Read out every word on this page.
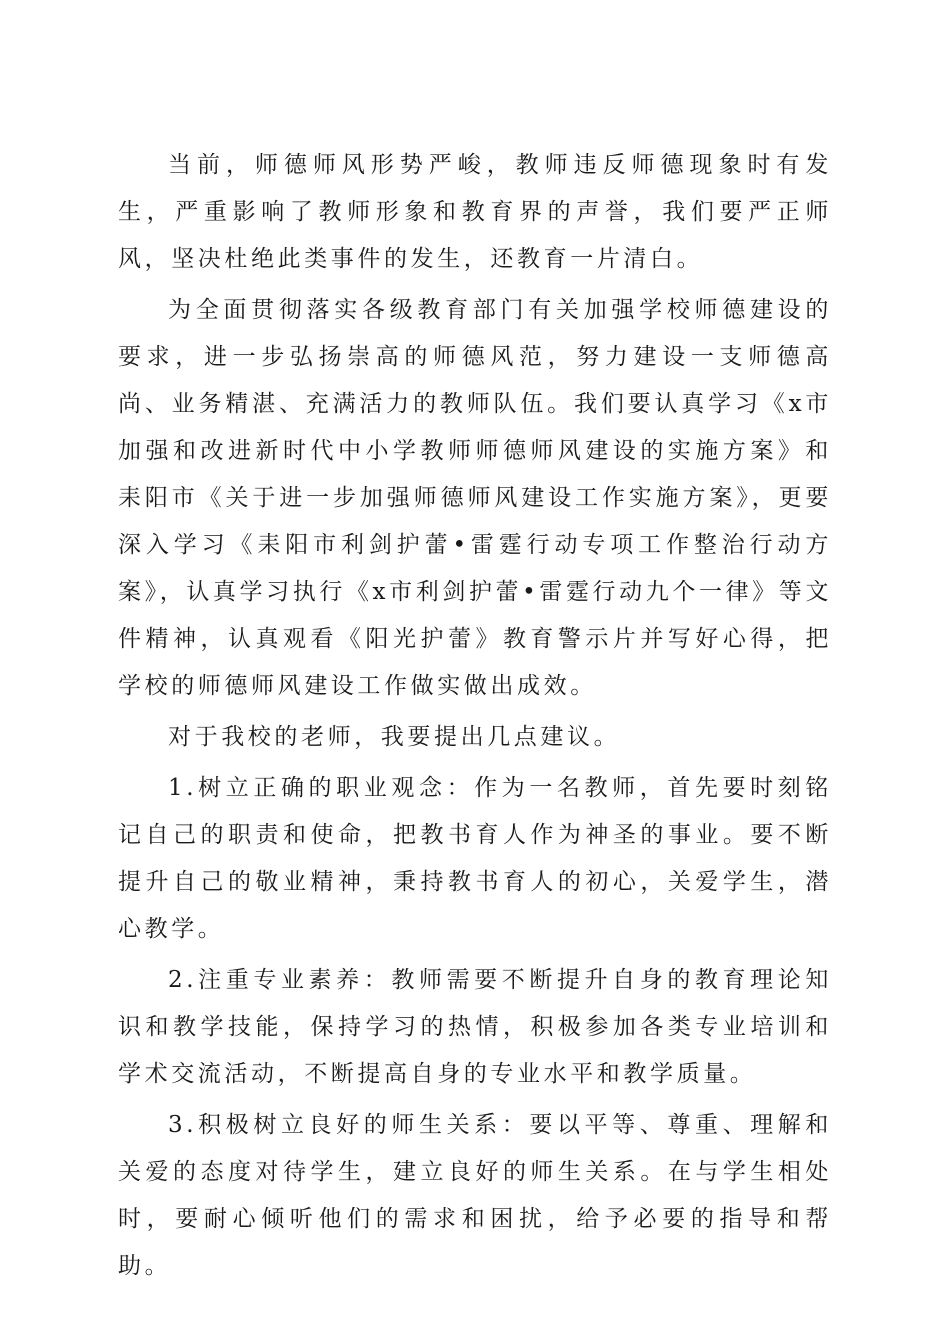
当前，师德师风形势严峻，教师违反师德现象时有发生，严重影响了教师形象和教育界的声誉，我们要严正师风，坚决杜绝此类事件的发生，还教育一片清白。

为全面贯彻落实各级教育部门有关加强学校师德建设的要求，进一步弘扬崇高的师德风范，努力建设一支师德高尚、业务精湛、充满活力的教师队伍。我们要认真学习《x市加强和改进新时代中小学教师师德师风建设的实施方案》和耒阳市《关于进一步加强师德师风建设工作实施方案》，更要深入学习《耒阳市利剑护蕾•雷霆行动专项工作整治行动方案》，认真学习执行《x市利剑护蕾•雷霆行动九个一律》等文件精神，认真观看《阳光护蕾》教育警示片并写好心得，把学校的师德师风建设工作做实做出成效。

对于我校的老师，我要提出几点建议。

1.树立正确的职业观念：作为一名教师，首先要时刻铭记自己的职责和使命，把教书育人作为神圣的事业。要不断提升自己的敬业精神，秉持教书育人的初心，关爱学生，潜心教学。

2.注重专业素养：教师需要不断提升自身的教育理论知识和教学技能，保持学习的热情，积极参加各类专业培训和学术交流活动，不断提高自身的专业水平和教学质量。

3.积极树立良好的师生关系：要以平等、尊重、理解和关爱的态度对待学生，建立良好的师生关系。在与学生相处时，要耐心倾听他们的需求和困扰，给予必要的指导和帮助。
